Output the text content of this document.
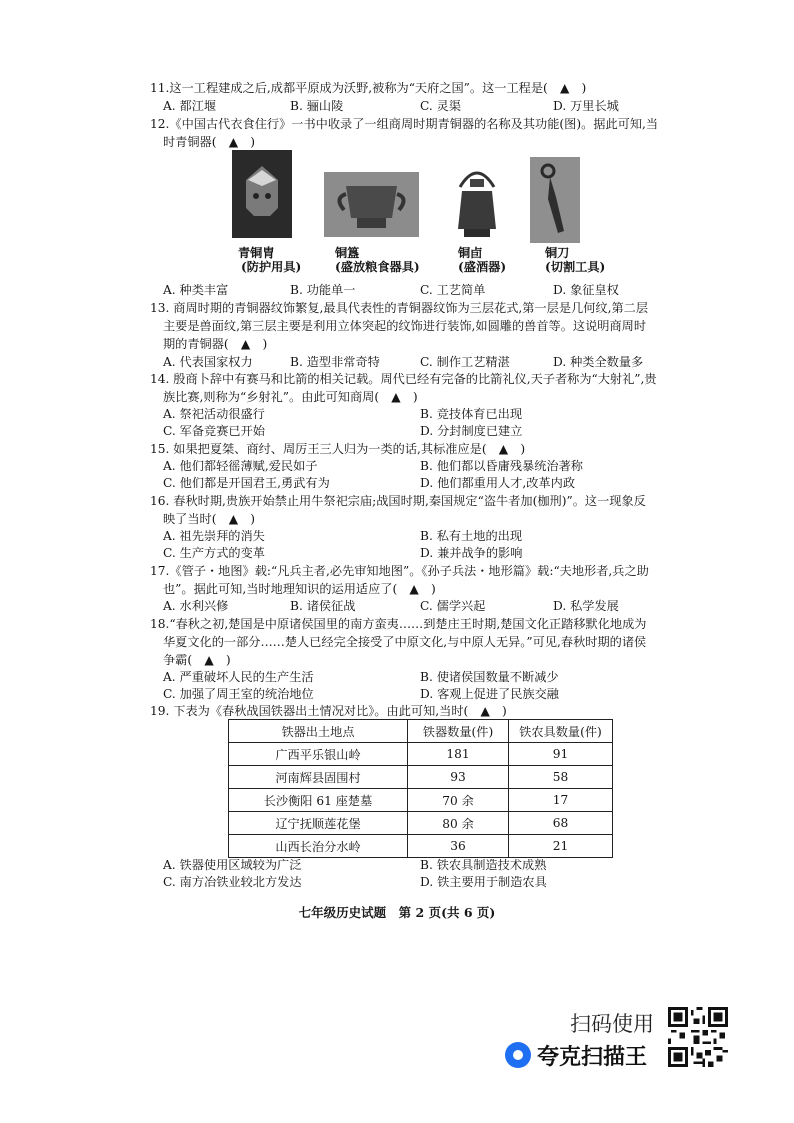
11.这一工程建成之后,成都平原成为沃野,被称为“天府之国”。这一工程是(　▲　)
A. 都江堰	B. 骊山陵	C. 灵渠	D. 万里长城
12.《中国古代衣食住行》一书中收录了一组商周时期青铜器的名称及其功能(图)。据此可知,当
时青铜器(　▲　)
青铜胄
(防护用具)
铜簋
(盛放粮食器具)
铜卣
(盛酒器)
铜刀
(切割工具)
A. 种类丰富	B. 功能单一	C. 工艺简单	D. 象征皇权
13. 商周时期的青铜器纹饰繁复,最具代表性的青铜器纹饰为三层花式,第一层是几何纹,第二层
主要是兽面纹,第三层主要是利用立体突起的纹饰进行装饰,如圆雕的兽首等。这说明商周时
期的青铜器(　▲　)
A. 代表国家权力	B. 造型非常奇特	C. 制作工艺精湛	D. 种类全数量多
14. 殷商卜辞中有赛马和比箭的相关记载。周代已经有完备的比箭礼仪,天子者称为“大射礼”,贵
族比赛,则称为“乡射礼”。由此可知商周(　▲　)
A. 祭祀活动很盛行	B. 竞技体育已出现
C. 军备竞赛已开始	D. 分封制度已建立
15. 如果把夏桀、商纣、周厉王三人归为一类的话,其标准应是(　▲　)
A. 他们都轻徭薄赋,爱民如子	B. 他们都以昏庸残暴统治著称
C. 他们都是开国君王,勇武有为	D. 他们都重用人才,改革内政
16. 春秋时期,贵族开始禁止用牛祭祀宗庙;战国时期,秦国规定“盗牛者加(枷刑)”。这一现象反
映了当时(　▲　)
A. 祖先崇拜的消失	B. 私有土地的出现
C. 生产方式的变革	D. 兼并战争的影响
17.《管子・地图》载:“凡兵主者,必先审知地图”。《孙子兵法・地形篇》载:“夫地形者,兵之助
也”。据此可知,当时地理知识的运用适应了(　▲　)
A. 水利兴修	B. 诸侯征战	C. 儒学兴起	D. 私学发展
18.“春秋之初,楚国是中原诸侯国里的南方蛮夷……到楚庄王时期,楚国文化正踏移默化地成为
华夏文化的一部分……楚人已经完全接受了中原文化,与中原人无异。”可见,春秋时期的诸侯
争霸(　▲　)
A. 严重破坏人民的生产生活	B. 使诸侯国数量不断减少
C. 加强了周王室的统治地位	D. 客观上促进了民族交融
19. 下表为《春秋战国铁器出土情况对比》。由此可知,当时(　▲　)
铁器出土地点	铁器数量(件)	铁农具数量(件)
广西平乐银山岭	181	91
河南辉县固围村	93	58
长沙衡阳 61 座楚墓	70 余	17
辽宁抚顺莲花堡	80 余	68
山西长治分水岭	36	21
A. 铁器使用区域较为广泛	B. 铁农具制造技术成熟
C. 南方冶铁业较北方发达	D. 铁主要用于制造农具
七年级历史试题　第 2 页(共 6 页)
扫码使用
夸克扫描王
